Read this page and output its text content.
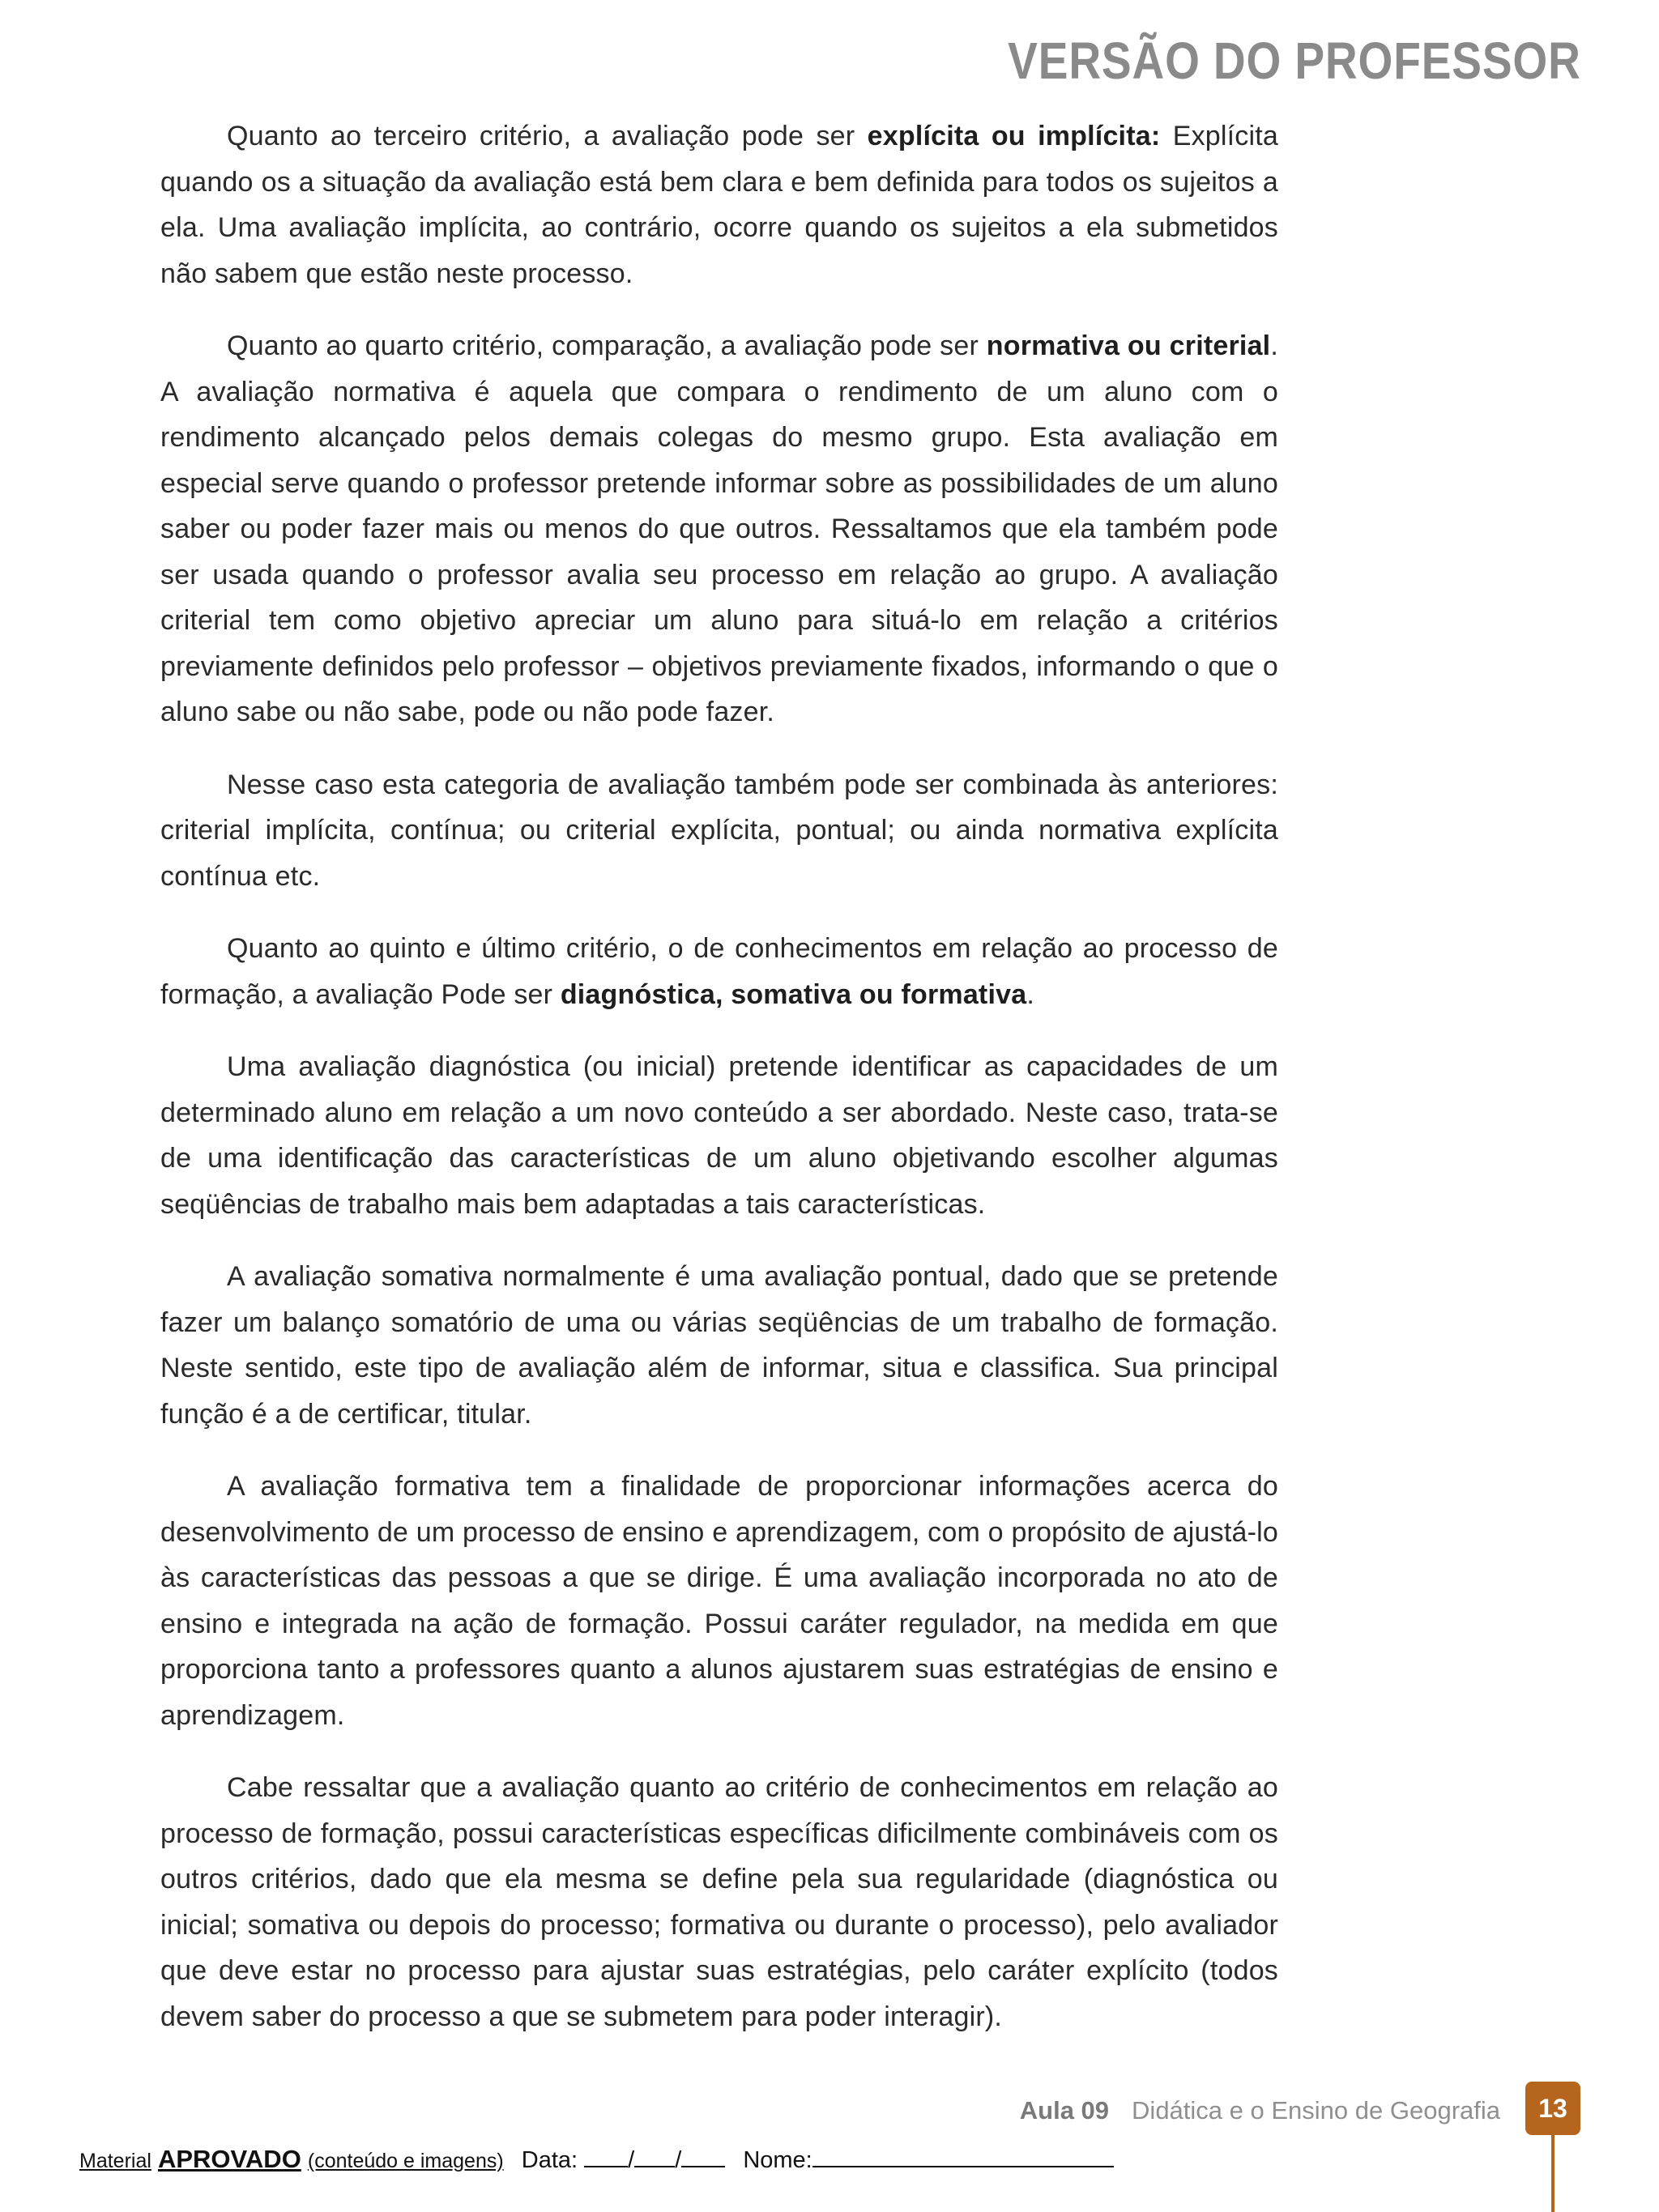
VERSÃO DO PROFESSOR

Quanto ao terceiro critério, a avaliação pode ser explícita ou implícita: Explícita quando os a situação da avaliação está bem clara e bem definida para todos os sujeitos a ela. Uma avaliação implícita, ao contrário, ocorre quando os sujeitos a ela submetidos não sabem que estão neste processo.

Quanto ao quarto critério, comparação, a avaliação pode ser normativa ou criterial. A avaliação normativa é aquela que compara o rendimento de um aluno com o rendimento alcançado pelos demais colegas do mesmo grupo. Esta avaliação em especial serve quando o professor pretende informar sobre as possibilidades de um aluno saber ou poder fazer mais ou menos do que outros. Ressaltamos que ela também pode ser usada quando o professor avalia seu processo em relação ao grupo. A avaliação criterial tem como objetivo apreciar um aluno para situá-lo em relação a critérios previamente definidos pelo professor – objetivos previamente fixados, informando o que o aluno sabe ou não sabe, pode ou não pode fazer.

Nesse caso esta categoria de avaliação também pode ser combinada às anteriores: criterial implícita, contínua; ou criterial explícita, pontual; ou ainda normativa explícita contínua etc.

Quanto ao quinto e último critério, o de conhecimentos em relação ao processo de formação, a avaliação Pode ser diagnóstica, somativa ou formativa.

Uma avaliação diagnóstica (ou inicial) pretende identificar as capacidades de um determinado aluno em relação a um novo conteúdo a ser abordado. Neste caso, trata-se de uma identificação das características de um aluno objetivando escolher algumas seqüências de trabalho mais bem adaptadas a tais características.

A avaliação somativa normalmente é uma avaliação pontual, dado que se pretende fazer um balanço somatório de uma ou várias seqüências de um trabalho de formação. Neste sentido, este tipo de avaliação além de informar, situa e classifica. Sua principal função é a de certificar, titular.

A avaliação formativa tem a finalidade de proporcionar informações acerca do desenvolvimento de um processo de ensino e aprendizagem, com o propósito de ajustá-lo às características das pessoas a que se dirige. É uma avaliação incorporada no ato de ensino e integrada na ação de formação. Possui caráter regulador, na medida em que proporciona tanto a professores quanto a alunos ajustarem suas estratégias de ensino e aprendizagem.

Cabe ressaltar que a avaliação quanto ao critério de conhecimentos em relação ao processo de formação, possui características específicas dificilmente combináveis com os outros critérios, dado que ela mesma se define pela sua regularidade (diagnóstica ou inicial; somativa ou depois do processo; formativa ou durante o processo), pelo avaliador que deve estar no processo para ajustar suas estratégias, pelo caráter explícito (todos devem saber do processo a que se submetem para poder interagir).

Aula 09 Didática e o Ensino de Geografia 13
Material APROVADO (conteúdo e imagens) Data: / /	Nome:
